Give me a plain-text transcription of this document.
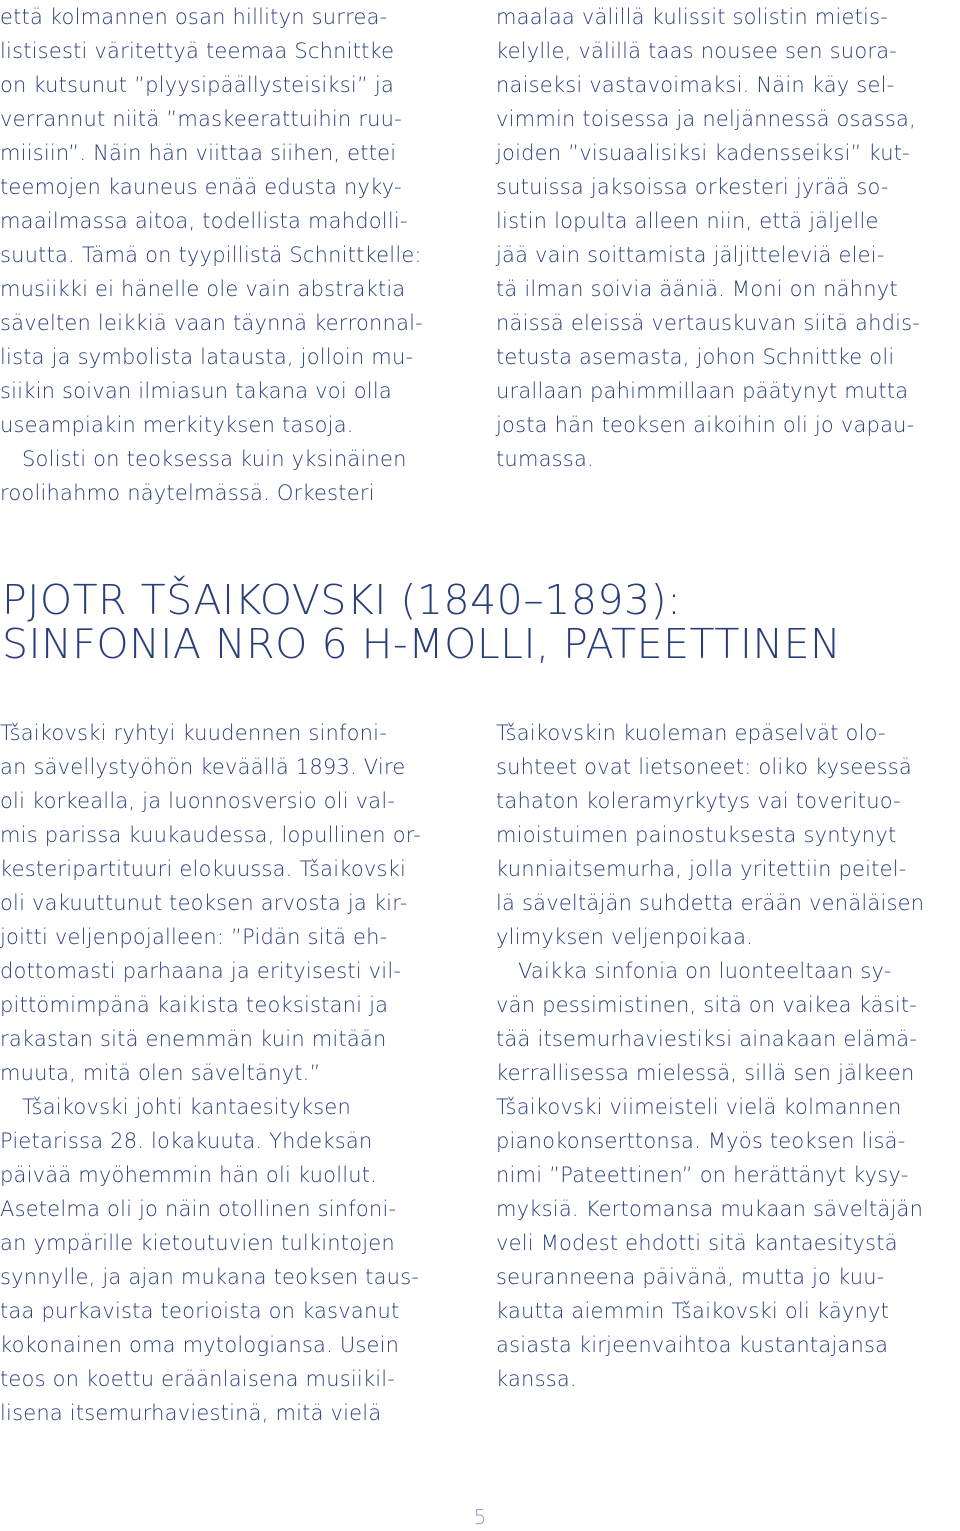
että kolmannen osan hillityn surrea-
listisesti väritettyä teemaa Schnittke
on kutsunut ”plyysipäällysteisiksi” ja
verrannut niitä ”maskeerattuihin ruu-
miisiin”. Näin hän viittaa siihen, ettei
teemojen kauneus enää edusta nyky-
maailmassa aitoa, todellista mahdolli-
suutta. Tämä on tyypillistä Schnittkelle:
musiikki ei hänelle ole vain abstraktia
sävelten leikkiä vaan täynnä kerronnal-
lista ja symbolista latausta, jolloin mu-
siikin soivan ilmiasun takana voi olla
useampiakin merkityksen tasoja.

Solisti on teoksessa kuin yksinäinen
roolihahmo näytelmässä. Orkesteri

maalaa välillä kulissit solistin mietis-
kelylle, välillä taas nousee sen suora-
naiseksi vastavoimaksi. Näin käy sel-
vimmin toisessa ja neljännessä osassa,
joiden ”visuaalisiksi kadensseiksi” kut-
sutuissa jaksoissa orkesteri jyrää so-
listin lopulta alleen niin, että jäljelle
jää vain soittamista jäljitteleviä elei-
tä ilman soivia ääniä. Moni on nähnyt
näissä eleissä vertauskuvan siitä ahdis-
tetusta asemasta, johon Schnittke oli
urallaan pahimmillaan päätynyt mutta
josta hän teoksen aikoihin oli jo vapau-
tumassa.

PJOTR TŠAIKOVSKI (1840–1893):
SINFONIA NRO 6 H-MOLLI, PATEETTINEN

Tšaikovski ryhtyi kuudennen sinfoni-
an sävellystyöhön keväällä 1893. Vire
oli korkealla, ja luonnosversio oli val-
mis parissa kuukaudessa, lopullinen or-
kesteripartituuri elokuussa. Tšaikovski
oli vakuuttunut teoksen arvosta ja kir-
joitti veljenpojalleen: ”Pidän sitä eh-
dottomasti parhaana ja erityisesti vil-
pittömimpänä kaikista teoksistani ja
rakastan sitä enemmän kuin mitään
muuta, mitä olen säveltänyt.”

Tšaikovski johti kantaesityksen
Pietarissa 28. lokakuuta. Yhdeksän
päivää myöhemmin hän oli kuollut.
Asetelma oli jo näin otollinen sinfoni-
an ympärille kietoutuvien tulkintojen
synnylle, ja ajan mukana teoksen taus-
taa purkavista teorioista on kasvanut
kokonainen oma mytologiansa. Usein
teos on koettu eräänlaisena musiikil-
lisena itsemurhaviestinä, mitä vielä

Tšaikovskin kuoleman epäselvät olo-
suhteet ovat lietsoneet: oliko kyseessä
tahaton koleramyrkytys vai toverituo-
mioistuimen painostuksesta syntynyt
kunniaitsemurha, jolla yritettiin peitel-
lä säveltäjän suhdetta erään venäläisen
ylimyksen veljenpoikaa.

Vaikka sinfonia on luonteeltaan sy-
vän pessimistinen, sitä on vaikea käsit-
tää itsemurhaviestiksi ainakaan elämä-
kerrallisessa mielessä, sillä sen jälkeen
Tšaikovski viimeisteli vielä kolmannen
pianokonserttonsa. Myös teoksen lisä-
nimi ”Pateettinen” on herättänyt kysy-
myksiä. Kertomansa mukaan säveltäjän
veli Modest ehdotti sitä kantaesitystä
seuranneena päivänä, mutta jo kuu-
kautta aiemmin Tšaikovski oli käynyt
asiasta kirjeenvaihtoa kustantajansa
kanssa.

5
